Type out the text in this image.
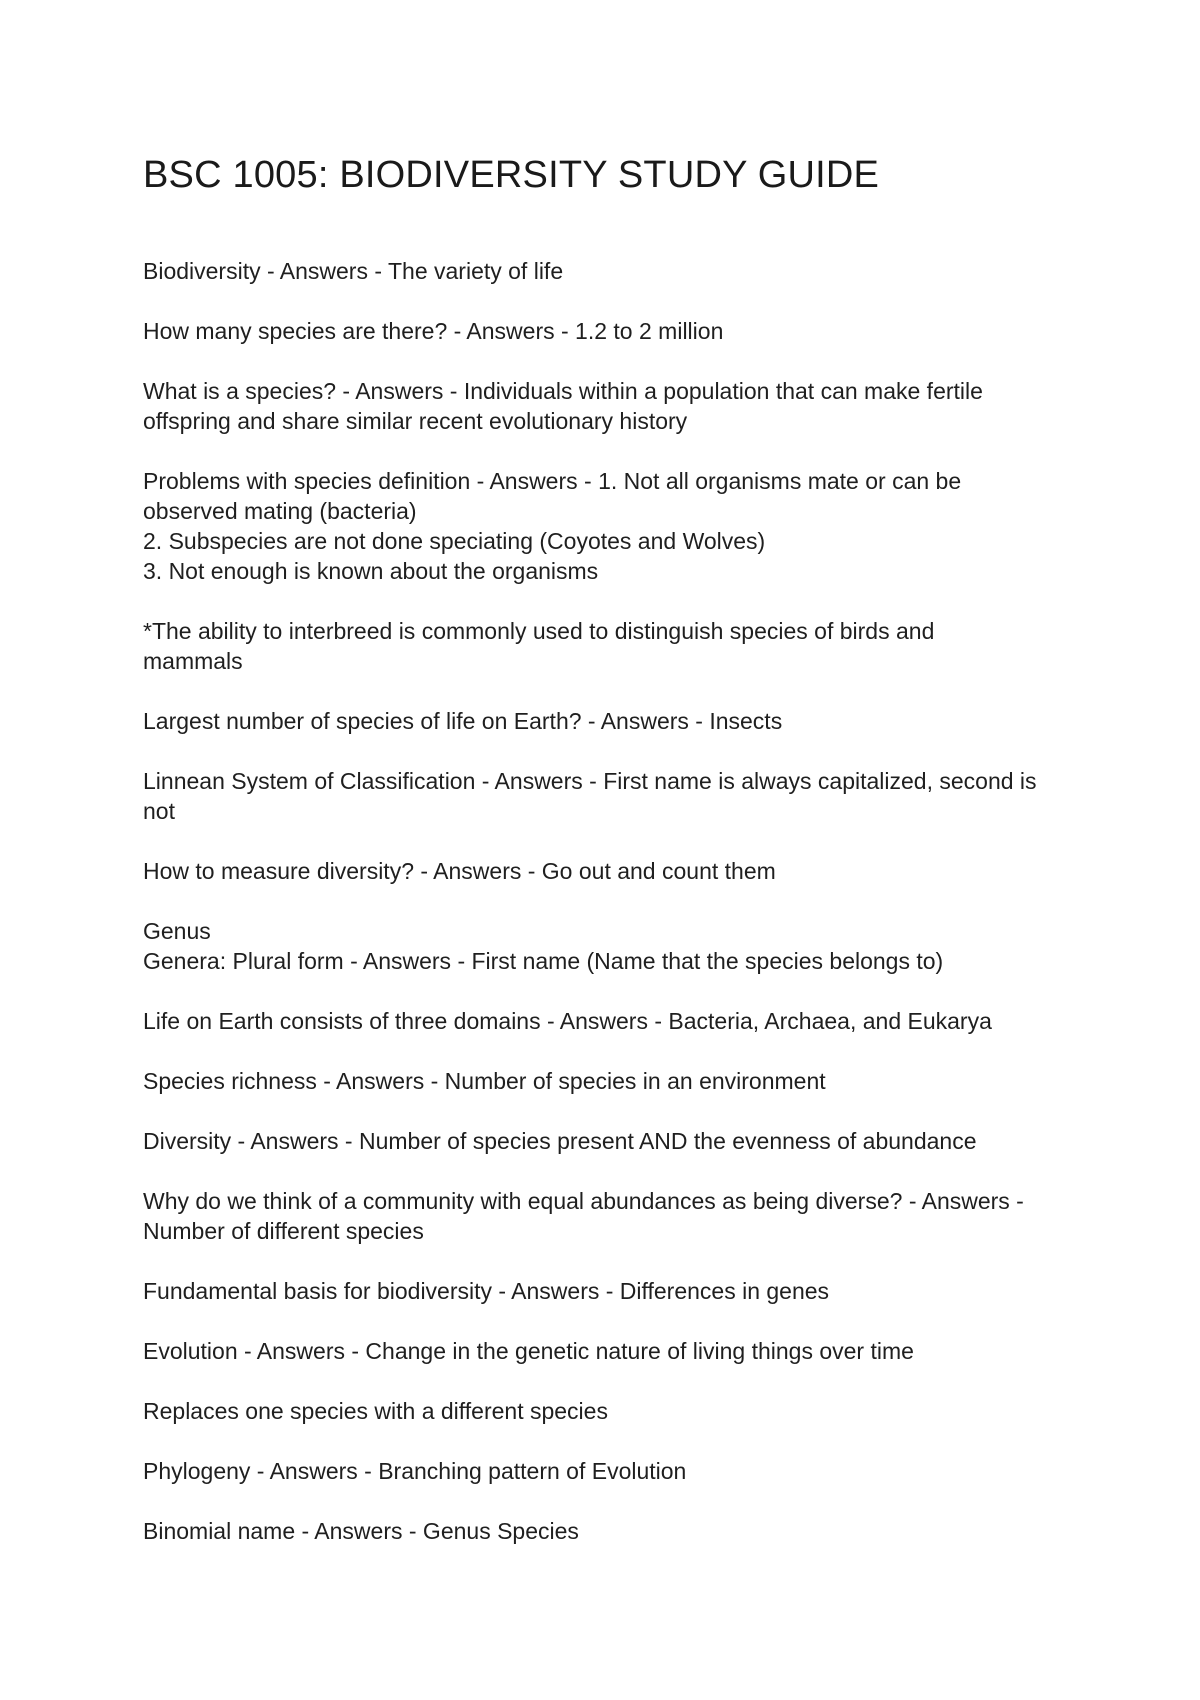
BSC 1005: BIODIVERSITY STUDY GUIDE

Biodiversity - Answers - The variety of life

How many species are there? - Answers - 1.2 to 2 million

What is a species? - Answers - Individuals within a population that can make fertile
offspring and share similar recent evolutionary history

Problems with species definition - Answers - 1. Not all organisms mate or can be
observed mating (bacteria)
2. Subspecies are not done speciating (Coyotes and Wolves)
3. Not enough is known about the organisms

*The ability to interbreed is commonly used to distinguish species of birds and
mammals

Largest number of species of life on Earth? - Answers - Insects

Linnean System of Classification - Answers - First name is always capitalized, second is
not

How to measure diversity? - Answers - Go out and count them

Genus
Genera: Plural form - Answers - First name (Name that the species belongs to)

Life on Earth consists of three domains - Answers - Bacteria, Archaea, and Eukarya

Species richness - Answers - Number of species in an environment

Diversity - Answers - Number of species present AND the evenness of abundance

Why do we think of a community with equal abundances as being diverse? - Answers -
Number of different species

Fundamental basis for biodiversity - Answers - Differences in genes

Evolution - Answers - Change in the genetic nature of living things over time

Replaces one species with a different species

Phylogeny - Answers - Branching pattern of Evolution

Binomial name - Answers - Genus Species
